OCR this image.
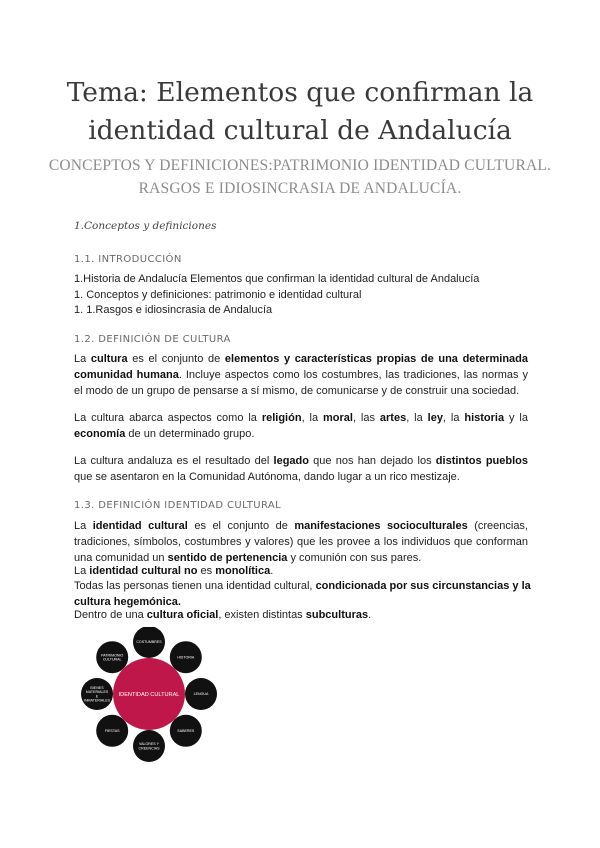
Tema: Elementos que confirman la identidad cultural de Andalucía

CONCEPTOS Y DEFINICIONES:PATRIMONIO IDENTIDAD CULTURAL. RASGOS E IDIOSINCRASIA DE ANDALUCÍA.

1.Conceptos y definiciones

1.1. INTRODUCCIÓN

1.Historia de Andalucía Elementos que confirman la identidad cultural de Andalucía

1. Conceptos y definiciones: patrimonio e identidad cultural

1. 1.Rasgos e idiosincrasia de Andalucía

1.2. DEFINICIÓN DE CULTURA

La cultura es el conjunto de elementos y características propias de una determinada comunidad humana. Incluye aspectos como los costumbres, las tradiciones, las normas y el modo de un grupo de pensarse a sí mismo, de comunicarse y de construir una sociedad.

La cultura abarca aspectos como la religión, la moral, las artes, la ley, la historia y la economía de un determinado grupo.

La cultura andaluza es el resultado del legado que nos han dejado los distintos pueblos que se asentaron en la Comunidad Autónoma, dando lugar a un rico mestizaje.

1.3. DEFINICIÓN IDENTIDAD CULTURAL

La identidad cultural es el conjunto de manifestaciones socioculturales (creencias, tradiciones, símbolos, costumbres y valores) que les provee a los individuos que conforman una comunidad un sentido de pertenencia y comunión con sus pares.

La identidad cultural no es monolítica.

Todas las personas tienen una identidad cultural, condicionada por sus circunstancias y la cultura hegemónica.

Dentro de una cultura oficial, existen distintas subculturas.

IDENTIDAD CULTURAL
COSTUMBRES
HISTORIA
LENGUA
SABERES
VALORES Y CREENCIAS
FIESTAS
BIENES MATERIALES E INMATERIALES
PATRIMONIO CULTURAL
